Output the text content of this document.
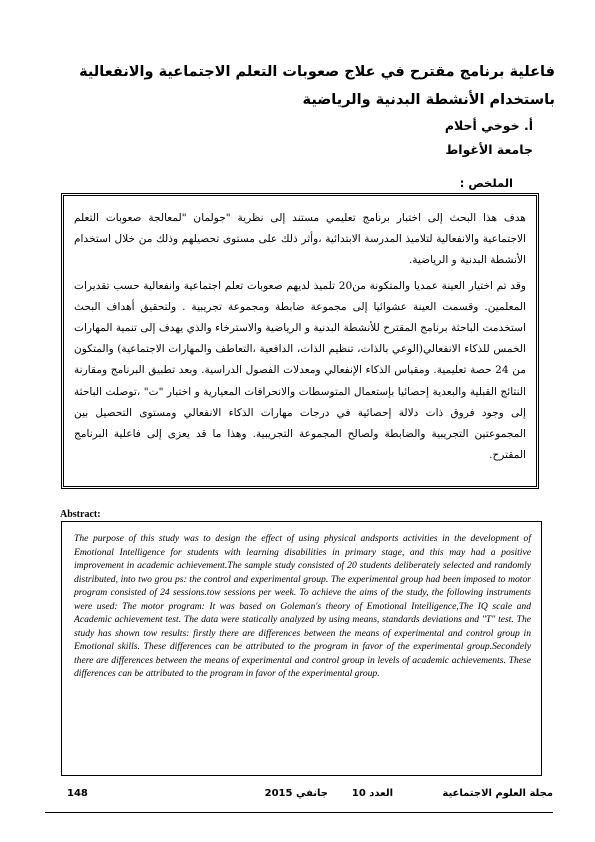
فاعلية برنامج مقترح في علاج صعوبات التعلم الاجتماعية والانفعالية باستخدام الأنشطة البدنية والرياضية
أ. خوخي أحلام
جامعة الأغواط
الملخص :

هدف هذا البحث إلى اختبار برنامج تعليمي مستند إلى نظرية "جولمان "لمعالجة صعوبات التعلم الاجتماعية والانفعالية لتلاميذ المدرسة الابتدائية ،وأثر ذلك على مستوى تحصيلهم وذلك من خلال استخدام الأنشطة البدنية و الرياضية.

وقد تم اختيار العينة عمديا والمتكونة من20 تلميذ لديهم صعوبات تعلم اجتماعية وانفعالية حسب تقديرات المعلمين. وقسمت العينة عشوائيا إلى مجموعة ضابطة ومجموعة تجريبية . ولتحقيق أهداف البحث استخدمت الباحثة برنامج المقترح للأنشطة البدنية و الرياضية والاسترخاء والذي يهدف إلى تنمية المهارات الخمس للذكاء الانفعالي(الوعي بالذات، تنظيم الذات، الدافعية ،التعاطف والمهارات الاجتماعية) والمتكون من 24 حصة تعليمية. ومقياس الذكاء الإنفعالي ومعدلات الفصول الدراسية. وبعد تطبيق البرنامج ومقارنة النتائج القبلية والبعدية إحصائيا بإستعمال المتوسطات والانحرافات المعيارية و اختبار "ت" ،توصلت الباحثة إلى وجود فروق ذات دلالة إحصائية في درجات مهارات الذكاء الانفعالي ومستوى التحصيل بين المجموعتين التجريبية والضابطة ولصالح المجموعة التجريبية. وهذا ما قد يعزى إلى فاعلية البرنامج المقترح.

Abstract:

The purpose of this study was to design the effect of using physical andsports activities in the development of Emotional Intelligence for students with learning disabilities in primary stage, and this may had a positive improvement in academic achievement.The sample study consisted of 20 students deliberately selected and randomly distributed, into two grou ps: the control and experimental group. The experimental group had been imposed to motor program consisted of 24 sessions.tow sessions per week. To achieve the aims of the study, the following instruments were used: The motor program: It was based on Goleman's theory of Emotional Intelligence,The IQ scale and Academic achievement test. The data were statically analyzed by using means, standards deviations and "T" test. The study has shown tow results: firstly there are differences between the means of experimental and control group in Emotional skills. These differences can be attributed to the program in favor of the experimental group.Secondely there are differences between the means of experimental and control group in levels of academic achievements. These differences can be attributed to the program in favor of the experimental group.

مجلة العلوم الاجتماعية
العدد 10
جانفي 2015
148
